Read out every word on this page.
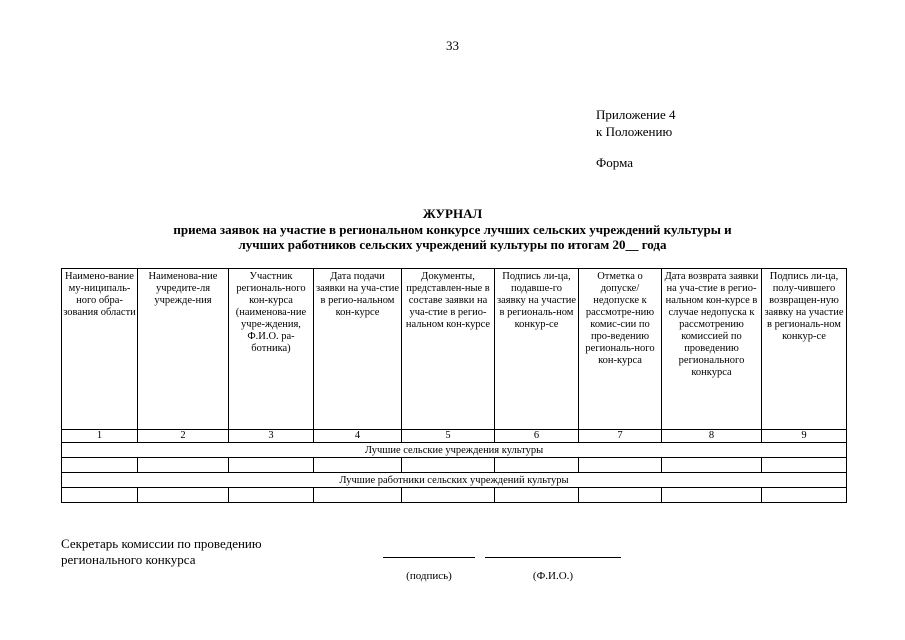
33
Приложение 4
к Положению
Форма
ЖУРНАЛ
приема заявок на участие в региональном конкурсе лучших сельских учреждений культуры и
лучших работников сельских учреждений культуры по итогам 20__ года
Наимено-вание му-ниципаль-ного обра-зования области	Наименова-ние учредите-ля учрежде-ния	Участник региональ-ного кон-курса (наименова-ние учре-ждения, Ф.И.О. ра-ботника)	Дата подачи заявки на уча-стие в регио-нальном кон-курсе	Документы, представлен-ные в составе заявки на уча-стие в регио-нальном кон-курсе	Подпись ли-ца, подавше-го заявку на участие в региональ-ном конкур-се	Отметка о допуске/ недопуске к рассмотре-нию комис-сии по про-ведению региональ-ного кон-курса	Дата возврата заявки на уча-стие в регио-нальном кон-курсе в случае недопуска к рассмотрению комиссией по проведению регионального конкурса	Подпись ли-ца, полу-чившего возвращен-ную заявку на участие в региональ-ном конкур-се
1	2	3	4	5	6	7	8	9
Лучшие сельские учреждения культуры								

Лучшие работники сельских учреждений культуры								

Секретарь комиссии по проведению
регионального конкурса
(подпись)	(Ф.И.О.)
